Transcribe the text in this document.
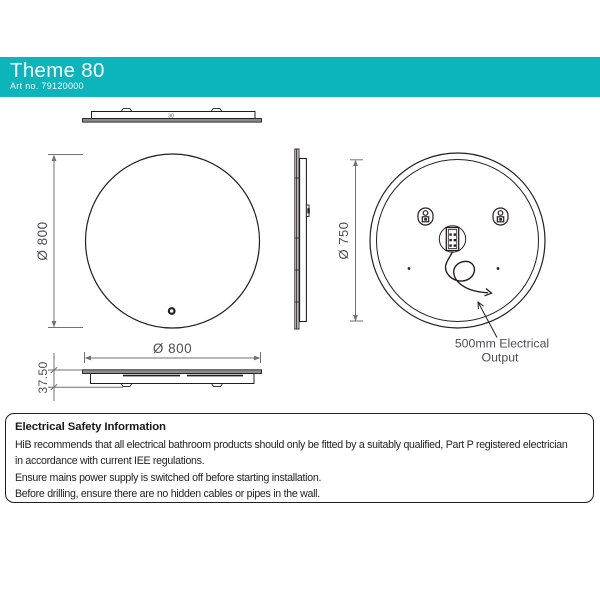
Theme 80
Art no. 79120000
30
Ø 800
Ø 800
37.50
Ø 750
500mm Electrical
Output
Electrical Safety Information
HiB recommends that all electrical bathroom products should only be fitted by a suitably qualified, Part P registered electrician
in accordance with current IEE regulations.
Ensure mains power supply is switched off before starting installation.
Before drilling, ensure there are no hidden cables or pipes in the wall.
